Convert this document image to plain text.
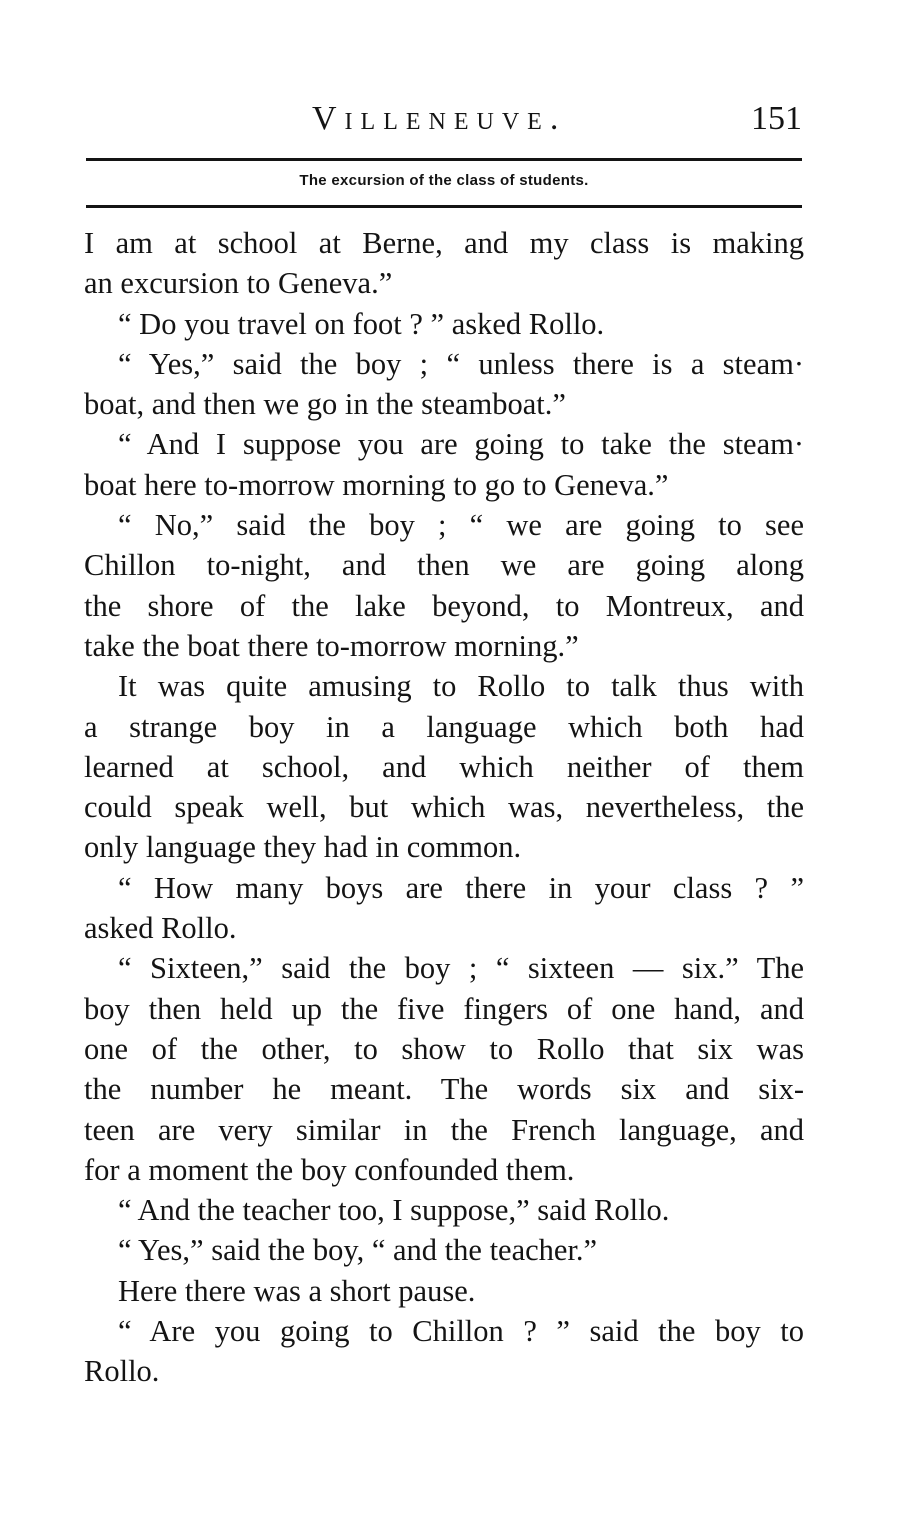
Villeneuve.	151
The excursion of the class of students.
I am at school at Berne, and my class is making
an excursion to Geneva.”
“ Do you travel on foot ? ” asked Rollo.
“ Yes,” said the boy ; “ unless there is a steam·
boat, and then we go in the steamboat.”
“ And I suppose you are going to take the steam·
boat here to-morrow morning to go to Geneva.”
“ No,” said the boy ; “ we are going to see
Chillon to-night, and then we are going along
the shore of the lake beyond, to Montreux, and
take the boat there to-morrow morning.”
It was quite amusing to Rollo to talk thus with
a strange boy in a language which both had
learned at school, and which neither of them
could speak well, but which was, nevertheless, the
only language they had in common.
“ How many boys are there in your class ? ”
asked Rollo.
“ Sixteen,” said the boy ; “ sixteen — six.” The
boy then held up the five fingers of one hand, and
one of the other, to show to Rollo that six was
the number he meant. The words six and six-
teen are very similar in the French language, and
for a moment the boy confounded them.
“ And the teacher too, I suppose,” said Rollo.
“ Yes,” said the boy, “ and the teacher.”
Here there was a short pause.
“ Are you going to Chillon ? ” said the boy to
Rollo.
